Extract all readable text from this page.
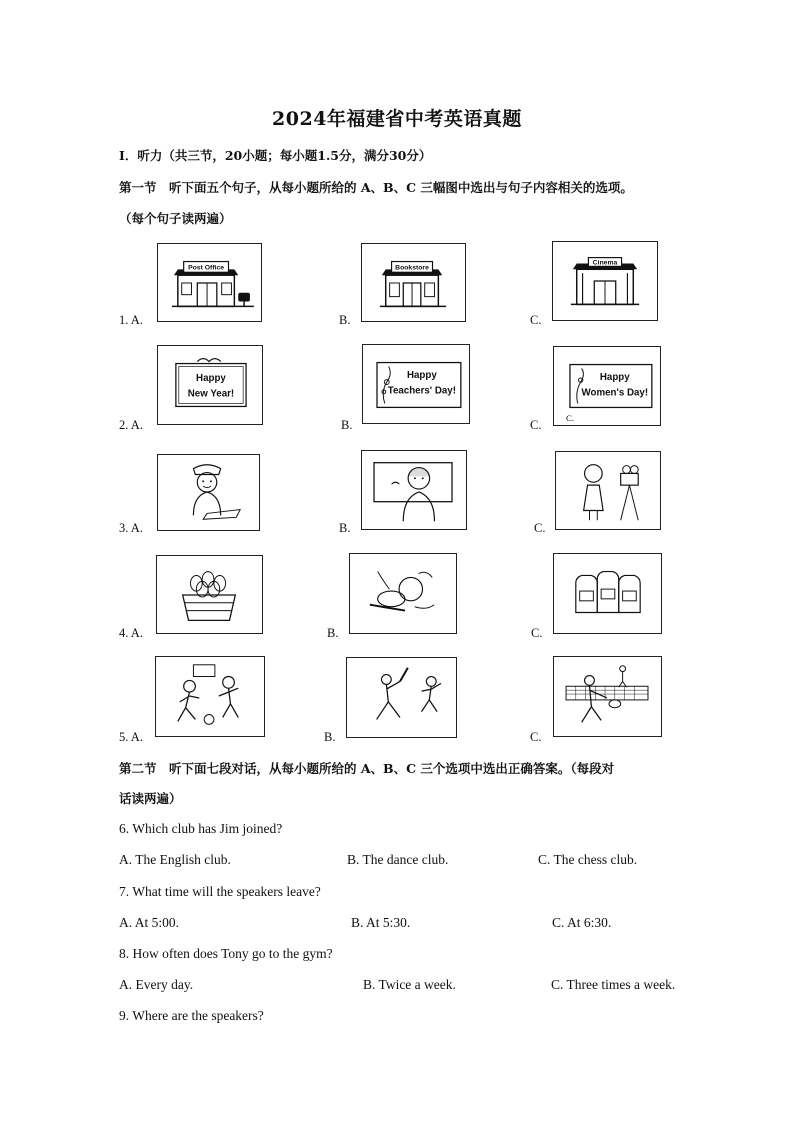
2024年福建省中考英语真题
I．听力（共三节，20小题；每小题1.5分，满分30分）
第一节　听下面五个句子，从每小题所给的 A、B、C 三幅图中选出与句子内容相关的选项。
（每个句子读两遍）
1. A.	B.	C.
Post Office	Bookstore
Cinema
2. A.	B.	C.
Happy
New Year!
Happy
Teachers' Day!
Happy
Women's Day!
C.
3. A.	B.	C.
4. A.	B.	C.
5. A.	B.	C.
第二节　听下面七段对话，从每小题所给的 A、B、C 三个选项中选出正确答案。（每段对
话读两遍）
6. Which club has Jim joined?
A. The English club.	B. The dance club.	C. The chess club.
7. What time will the speakers leave?
A. At 5:00.	B. At 5:30.	C. At 6:30.
8. How often does Tony go to the gym?
A. Every day.	B. Twice a week.	C. Three times a week.
9. Where are the speakers?
